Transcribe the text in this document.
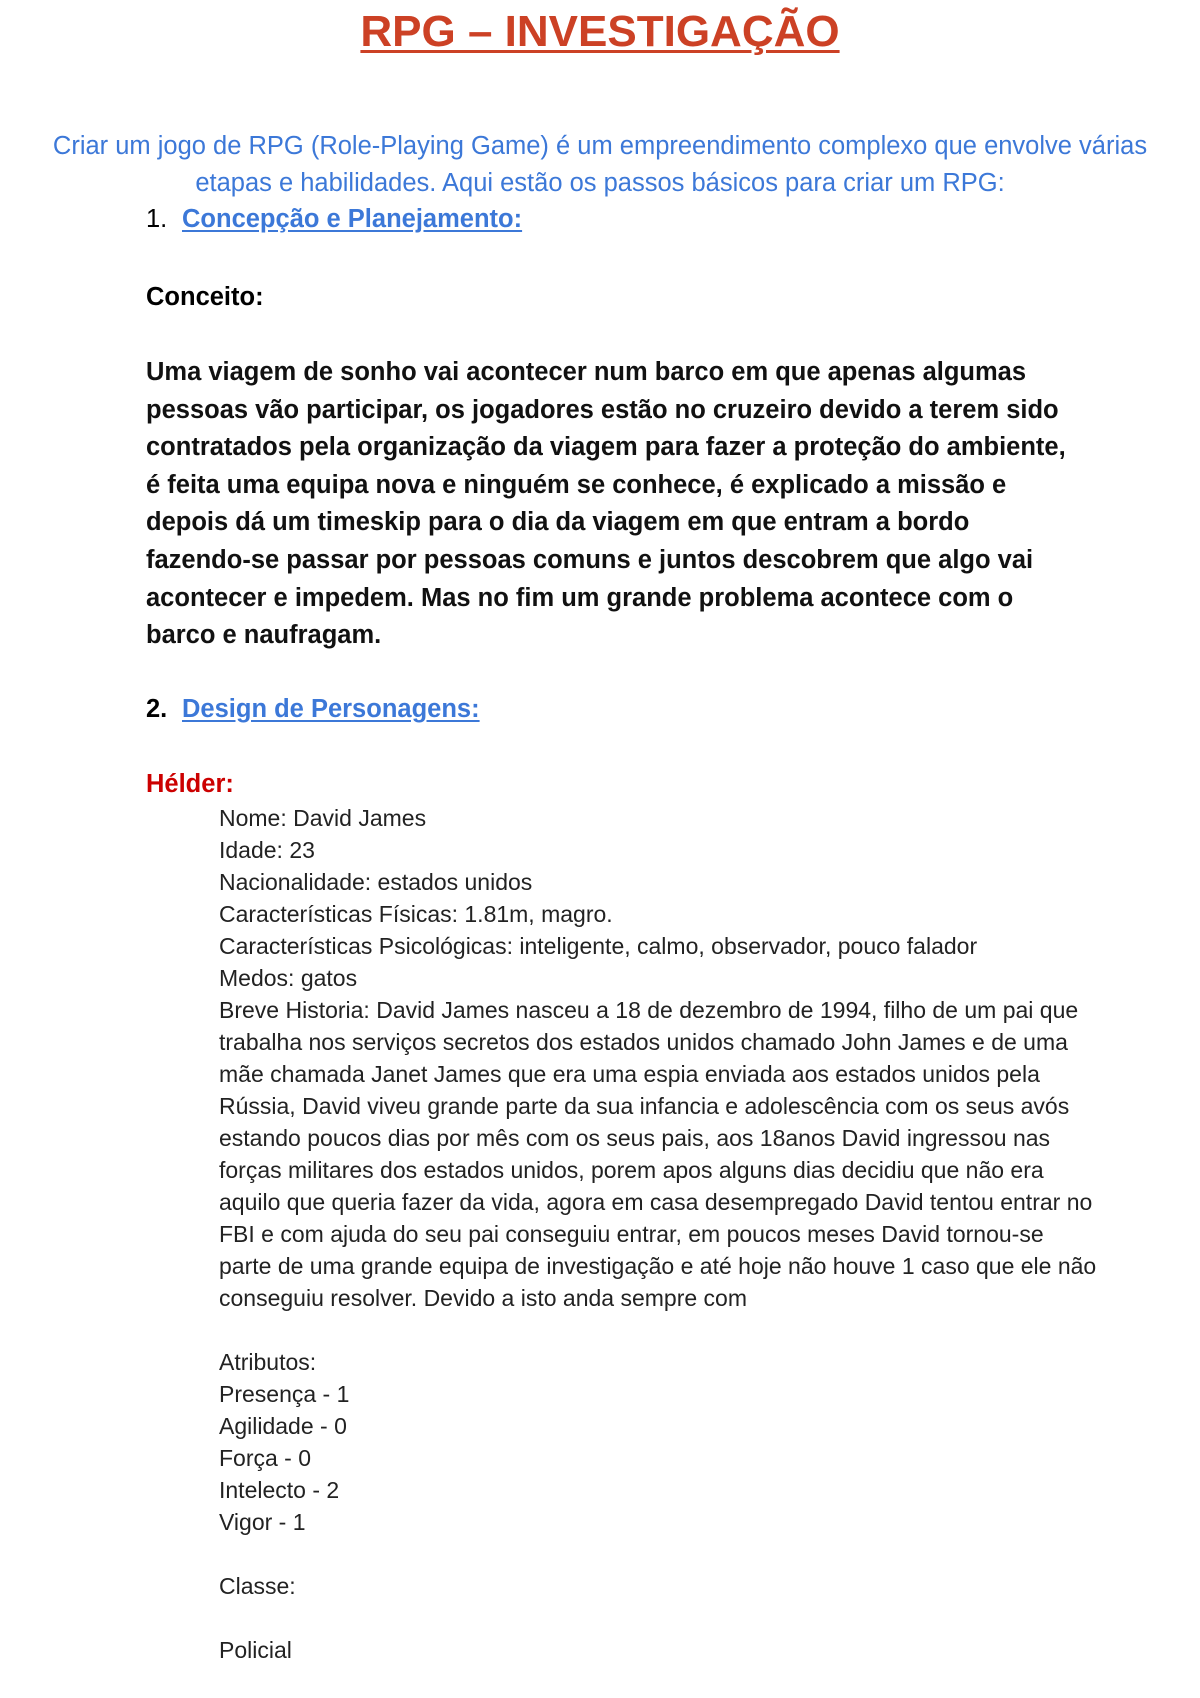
RPG – INVESTIGAÇÃO
Criar um jogo de RPG (Role-Playing Game) é um empreendimento complexo que envolve várias etapas e habilidades. Aqui estão os passos básicos para criar um RPG:
1. Concepção e Planejamento:
Conceito:
Uma viagem de sonho vai acontecer num barco em que apenas algumas pessoas vão participar, os jogadores estão no cruzeiro devido a terem sido contratados pela organização da viagem para fazer a proteção do ambiente, é feita uma equipa nova e ninguém se conhece, é explicado a missão e depois dá um timeskip para o dia da viagem em que entram a bordo fazendo-se passar por pessoas comuns e juntos descobrem que algo vai acontecer e impedem. Mas no fim um grande problema acontece com o barco e naufragam.
2. Design de Personagens:
Hélder:

Nome: David James

Idade: 23

Nacionalidade: estados unidos

Características Físicas: 1.81m, magro.

Características Psicológicas: inteligente, calmo, observador, pouco falador

Medos: gatos

Breve Historia: David James nasceu a 18 de dezembro de 1994, filho de um pai que trabalha nos serviços secretos dos estados unidos chamado John James e de uma mãe chamada Janet James que era uma espia enviada aos estados unidos pela Rússia, David viveu grande parte da sua infancia e adolescência com os seus avós estando poucos dias por mês com os seus pais, aos 18anos David ingressou nas forças militares dos estados unidos, porem apos alguns dias decidiu que não era aquilo que queria fazer da vida, agora em casa desempregado David tentou entrar no FBI e com ajuda do seu pai conseguiu entrar, em poucos meses David tornou-se parte de uma grande equipa de investigação e até hoje não houve 1 caso que ele não conseguiu resolver. Devido a isto anda sempre com

Atributos:

Presença - 1

Agilidade - 0

Força - 0

Intelecto - 2

Vigor - 1

Classe:

Policial
